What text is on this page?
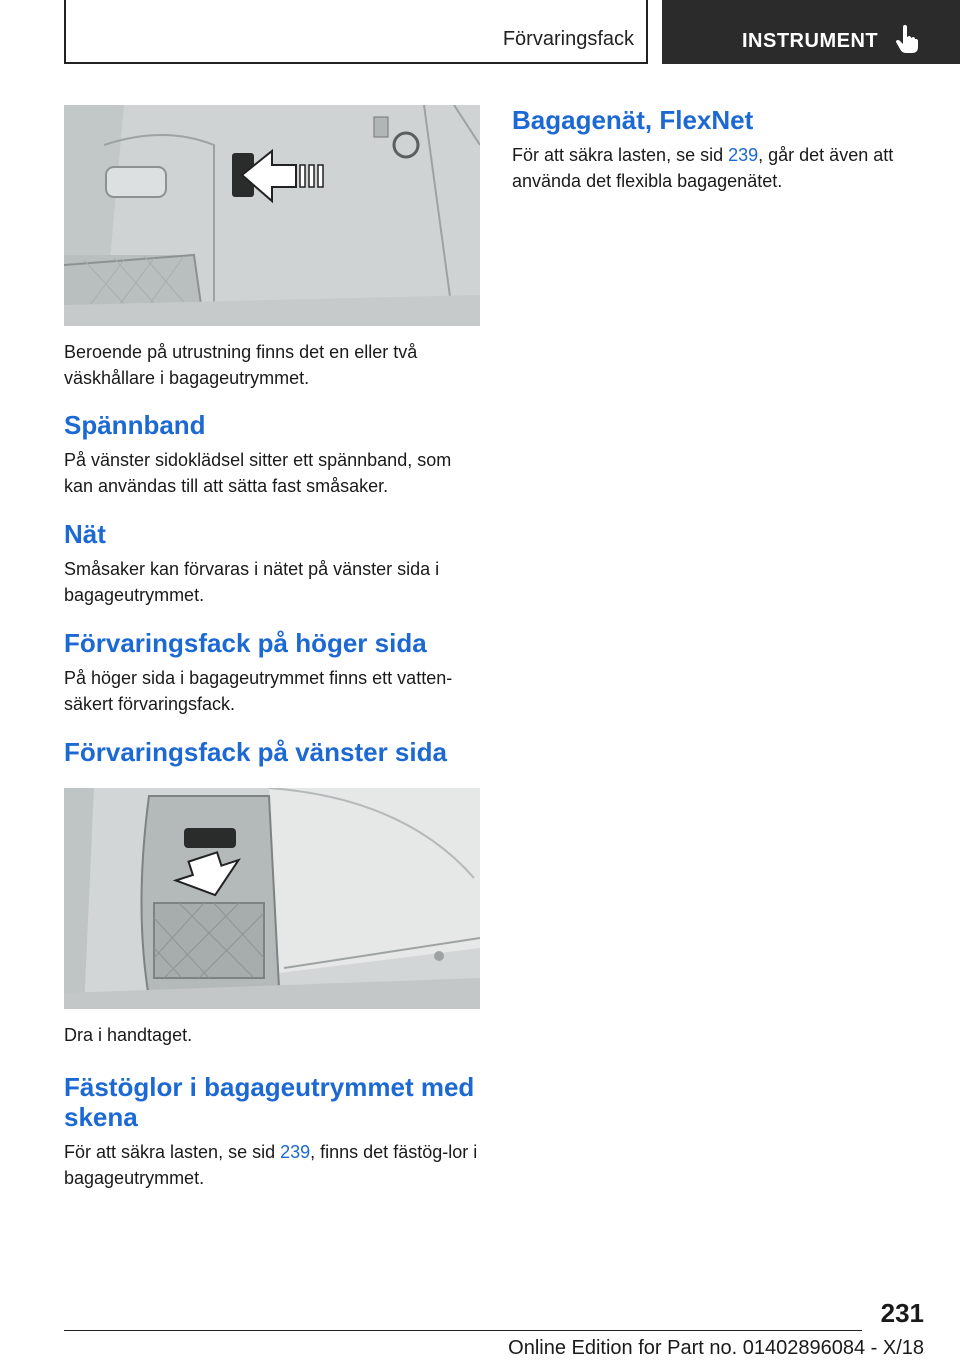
Förvaringsfack	INSTRUMENT

Beroende på utrustning finns det en eller två väskhållare i bagageutrymmet.

Spännband

På vänster sidoklädsel sitter ett spännband, som kan användas till att sätta fast småsaker.

Nät

Småsaker kan förvaras i nätet på vänster sida i bagageutrymmet.

Förvaringsfack på höger sida

På höger sida i bagageutrymmet finns ett vatten-säkert förvaringsfack.

Förvaringsfack på vänster sida

Dra i handtaget.

Fästöglor i bagageutrymmet med skena

För att säkra lasten, se sid 239, finns det fästög-lor i bagageutrymmet.

Bagagenät, FlexNet

För att säkra lasten, se sid 239, går det även att använda det flexibla bagagenätet.

231
Online Edition for Part no. 01402896084 - X/18
